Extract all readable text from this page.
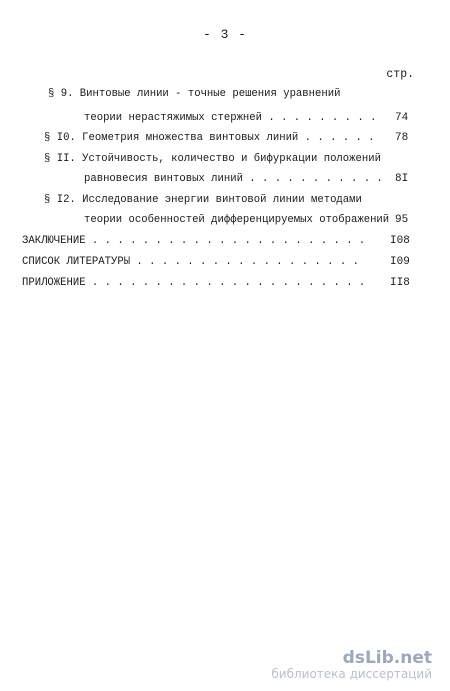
- 3 -
стр.
§ 9. Винтовые линии - точные решения уравнений
теории нерастяжимых стержней . . . . . . . . . 74
§ I0. Геометрия множества винтовых линий . . . . . . 78
§ II. Устойчивость, количество и бифуркации положений
равновесия винтовых линий . . . . . . . . . . . 8I
§ I2. Исследование энергии винтовой линии методами
теории особенностей дифференцируемых отображений 95
ЗАКЛЮЧЕНИЕ . . . . . . . . . . . . . . . . . . . . . . I08
СПИСОК ЛИТЕРАТУРЫ . . . . . . . . . . . . . . . . . .	I09
ПРИЛОЖЕНИЕ . . . . . . . . . . . . . . . . . . . . . . II8
dsLib.net
библиотека диссертаций
